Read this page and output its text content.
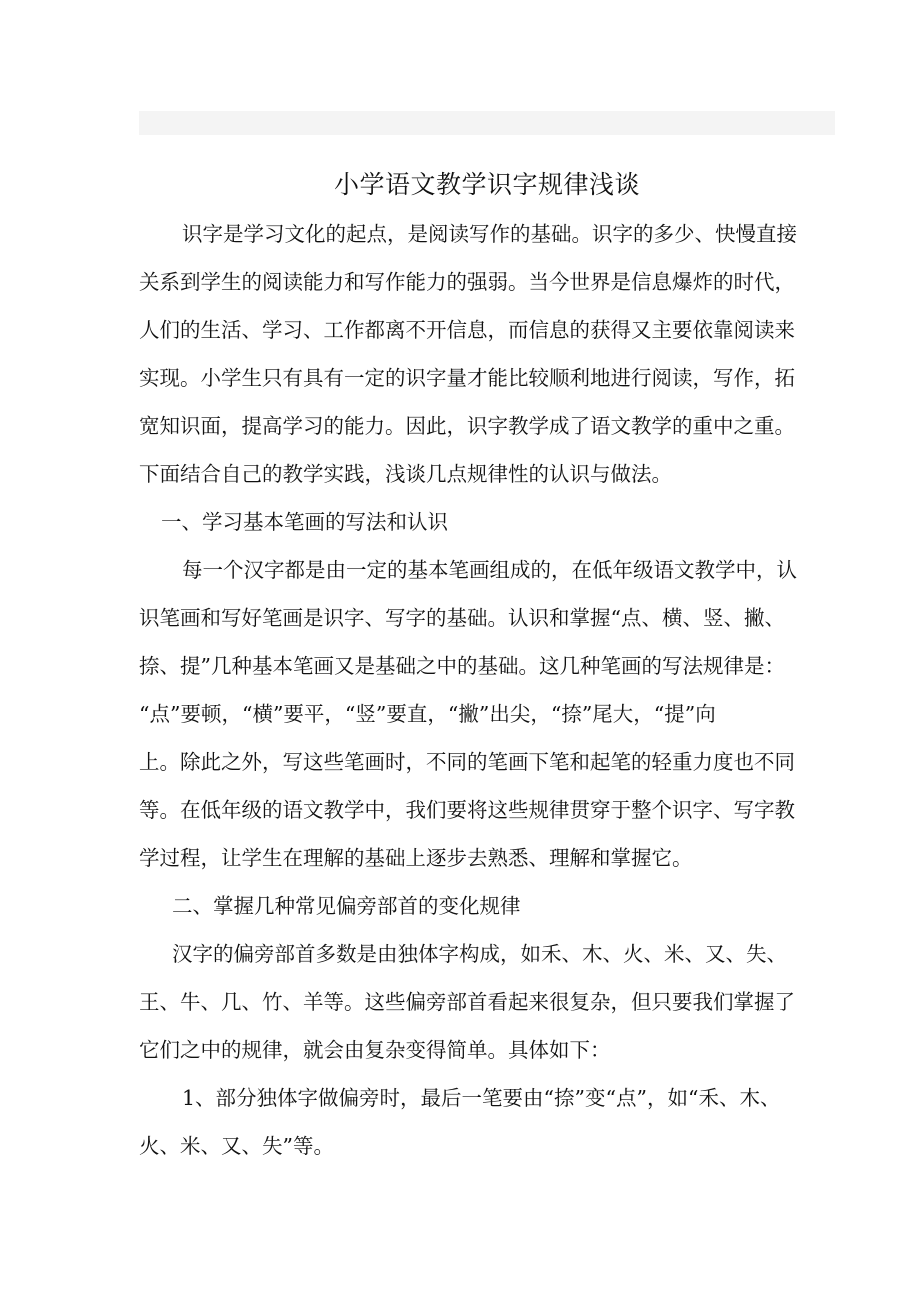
小学语文教学识字规律浅谈

识字是学习文化的起点，是阅读写作的基础。识字的多少、快慢直接

关系到学生的阅读能力和写作能力的强弱。当今世界是信息爆炸的时代，

人们的生活、学习、工作都离不开信息，而信息的获得又主要依靠阅读来

实现。小学生只有具有一定的识字量才能比较顺利地进行阅读，写作，拓

宽知识面，提高学习的能力。因此，识字教学成了语文教学的重中之重。

下面结合自己的教学实践，浅谈几点规律性的认识与做法。

一、学习基本笔画的写法和认识

每一个汉字都是由一定的基本笔画组成的，在低年级语文教学中，认

识笔画和写好笔画是识字、写字的基础。认识和掌握“点、横、竖、撇、

捺、提”几种基本笔画又是基础之中的基础。这几种笔画的写法规律是：

“点”要顿，“横”要平，“竖”要直，“撇”出尖，“捺”尾大，“提”向

上。除此之外，写这些笔画时，不同的笔画下笔和起笔的轻重力度也不同

等。在低年级的语文教学中，我们要将这些规律贯穿于整个识字、写字教

学过程，让学生在理解的基础上逐步去熟悉、理解和掌握它。

二、掌握几种常见偏旁部首的变化规律

汉字的偏旁部首多数是由独体字构成，如禾、木、火、米、又、失、

王、牛、几、竹、羊等。这些偏旁部首看起来很复杂，但只要我们掌握了

它们之中的规律，就会由复杂变得简单。具体如下：

1、部分独体字做偏旁时，最后一笔要由“捺”变“点”，如“禾、木、

火、米、又、失”等。
